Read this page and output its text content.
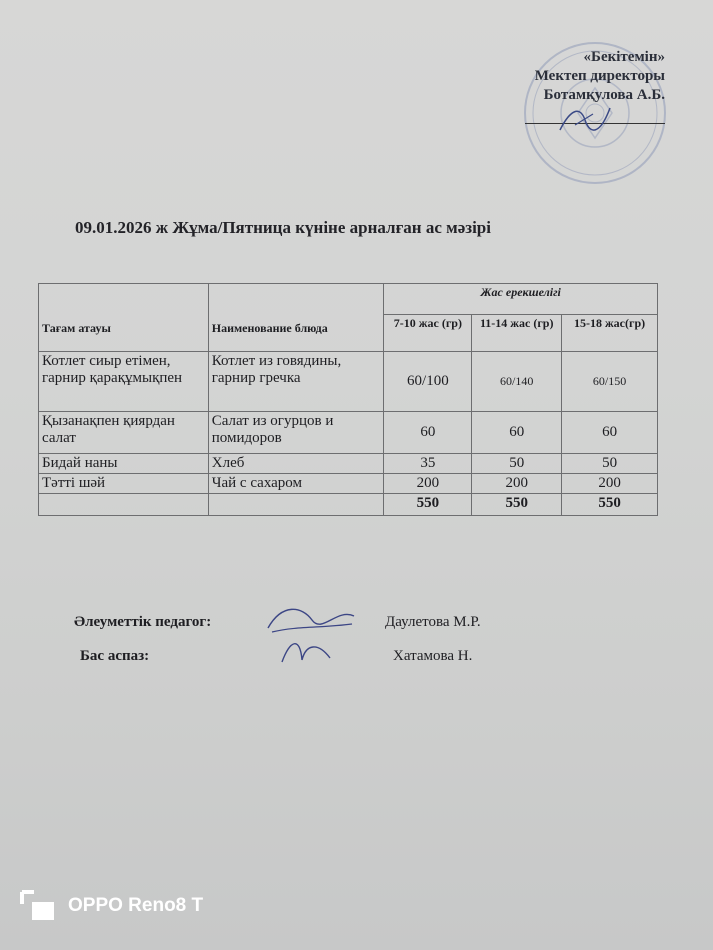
«Бекітемін»
Мектеп директоры
Ботамқулова А.Б.
09.01.2026 ж Жұма/Пятница күніне арналған ас мәзірі
Тағам атауы	Наименование блюда	Жас ерекшелігі		
		7-10 жас (гр)	11-14 жас (гр)	15-18 жас(гр)
Котлет сиыр етімен, гарнир қарақұмықпен	Котлет из говядины, гарнир гречка	60/100	60/140	60/150
Қызанақпен қиярдан салат	Салат из огурцов и помидоров	60	60	60
Бидай наны	Хлеб	35	50	50
Тәтті шәй	Чай с сахаром	200	200	200
		550	550	550
Әлеуметтік педагог:	Даулетова М.Р.
Бас аспаз:	Хатамова Н.
OPPO Reno8 T
